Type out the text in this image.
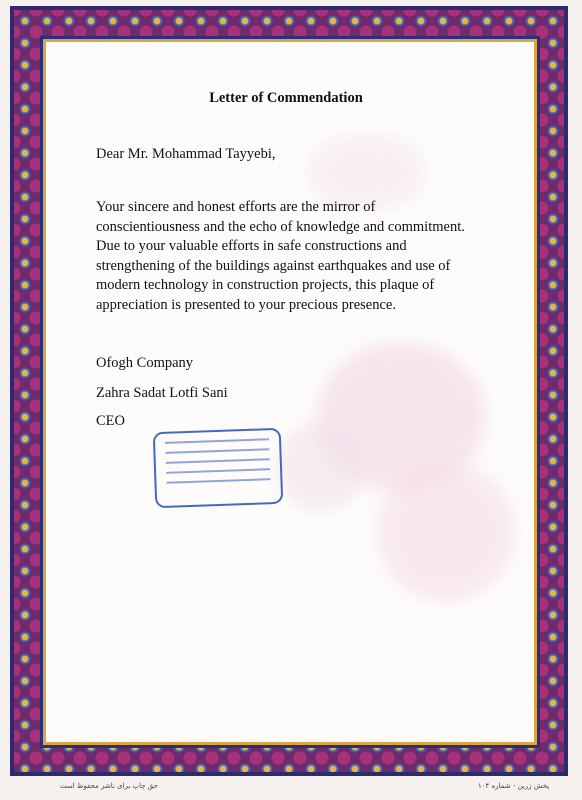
Letter of Commendation
Dear Mr. Mohammad Tayyebi,
Your sincere and honest efforts are the mirror of conscientiousness and the echo of knowledge and commitment. Due to your valuable efforts in safe constructions and strengthening of the buildings against earthquakes and use of modern technology in construction projects, this plaque of appreciation is presented to your precious presence.
Ofogh Company
Zahra Sadat Lotfi Sani
CEO
حق چاپ برای ناشر محفوظ است	پخش زرین - شماره ۱۰۴
